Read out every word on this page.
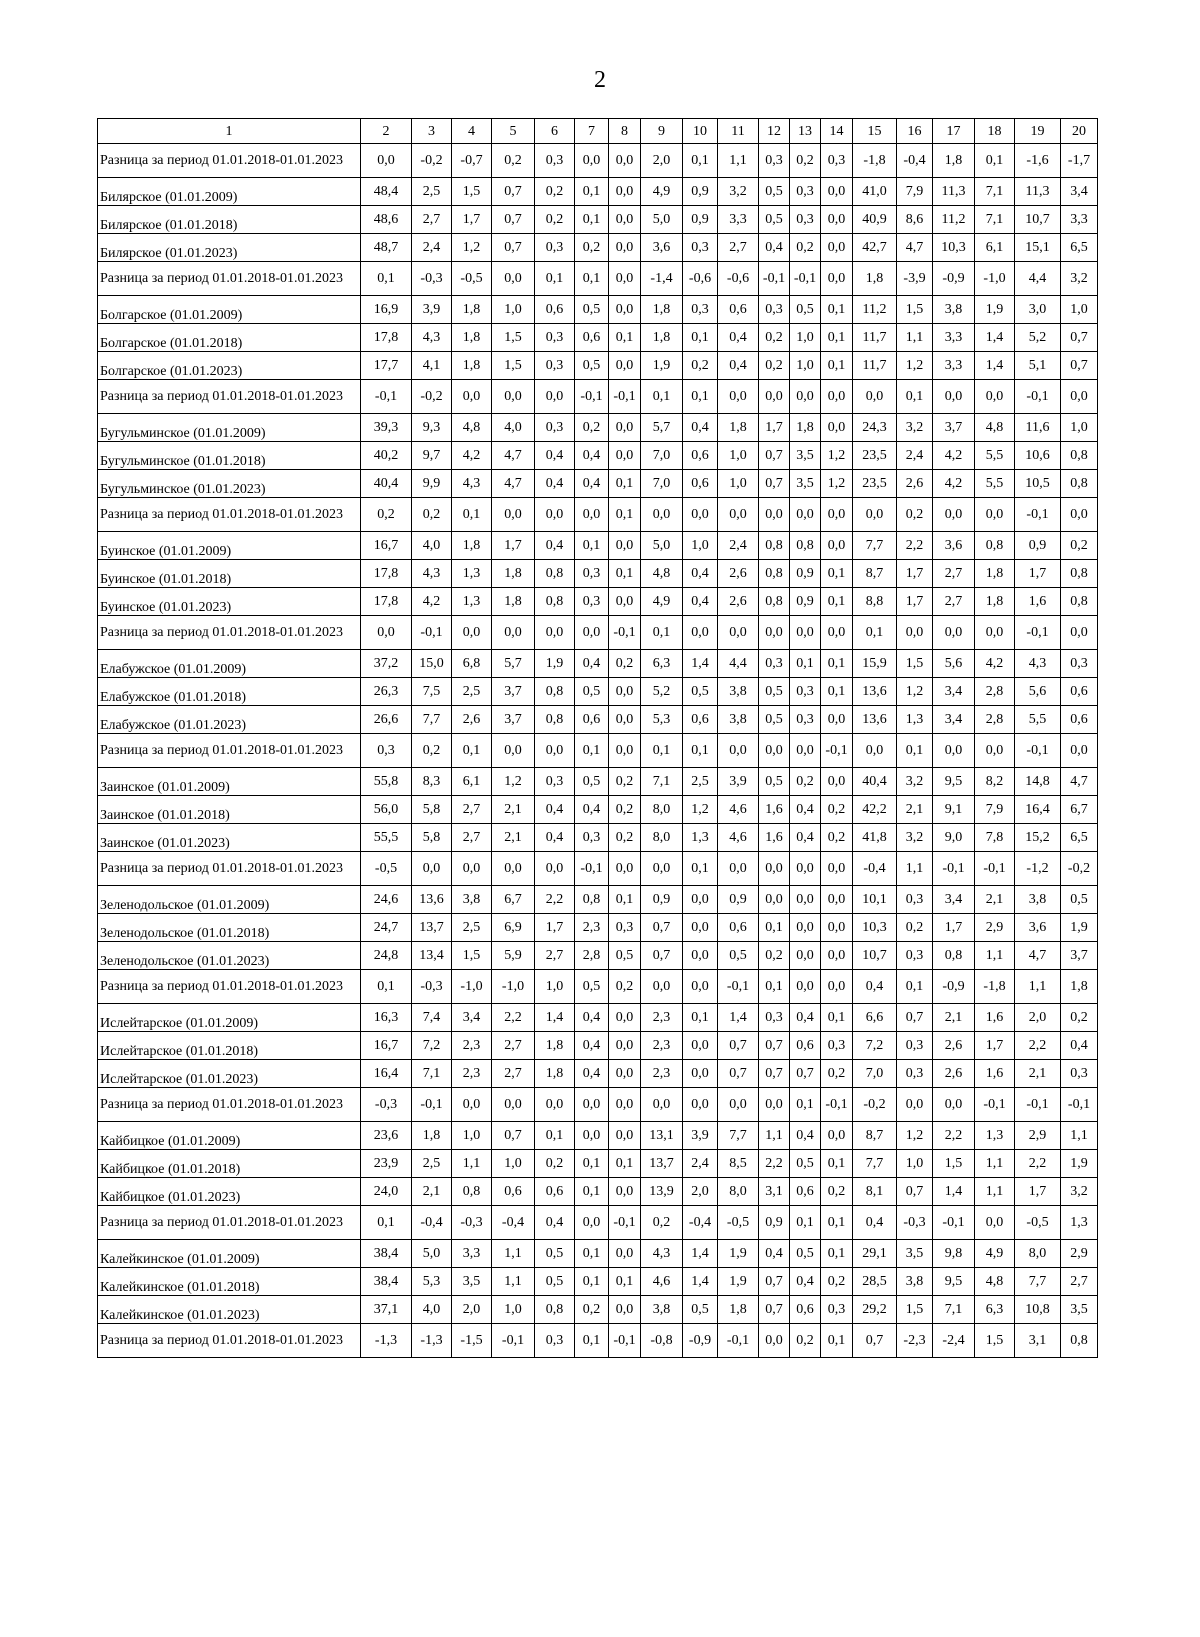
2
1	2	3	4	5	6	7	8	9	10	11	12	13	14	15	16	17	18	19	20
Разница за период 01.01.2018-01.01.2023	0,0	-0,2	-0,7	0,2	0,3	0,0	0,0	2,0	0,1	1,1	0,3	0,2	0,3	-1,8	-0,4	1,8	0,1	-1,6	-1,7
Билярское (01.01.2009)	48,4	2,5	1,5	0,7	0,2	0,1	0,0	4,9	0,9	3,2	0,5	0,3	0,0	41,0	7,9	11,3	7,1	11,3	3,4
Билярское (01.01.2018)	48,6	2,7	1,7	0,7	0,2	0,1	0,0	5,0	0,9	3,3	0,5	0,3	0,0	40,9	8,6	11,2	7,1	10,7	3,3
Билярское (01.01.2023)	48,7	2,4	1,2	0,7	0,3	0,2	0,0	3,6	0,3	2,7	0,4	0,2	0,0	42,7	4,7	10,3	6,1	15,1	6,5
Разница за период 01.01.2018-01.01.2023	0,1	-0,3	-0,5	0,0	0,1	0,1	0,0	-1,4	-0,6	-0,6	-0,1	-0,1	0,0	1,8	-3,9	-0,9	-1,0	4,4	3,2
Болгарское (01.01.2009)	16,9	3,9	1,8	1,0	0,6	0,5	0,0	1,8	0,3	0,6	0,3	0,5	0,1	11,2	1,5	3,8	1,9	3,0	1,0
Болгарское (01.01.2018)	17,8	4,3	1,8	1,5	0,3	0,6	0,1	1,8	0,1	0,4	0,2	1,0	0,1	11,7	1,1	3,3	1,4	5,2	0,7
Болгарское (01.01.2023)	17,7	4,1	1,8	1,5	0,3	0,5	0,0	1,9	0,2	0,4	0,2	1,0	0,1	11,7	1,2	3,3	1,4	5,1	0,7
Разница за период 01.01.2018-01.01.2023	-0,1	-0,2	0,0	0,0	0,0	-0,1	-0,1	0,1	0,1	0,0	0,0	0,0	0,0	0,0	0,1	0,0	0,0	-0,1	0,0
Бугульминское (01.01.2009)	39,3	9,3	4,8	4,0	0,3	0,2	0,0	5,7	0,4	1,8	1,7	1,8	0,0	24,3	3,2	3,7	4,8	11,6	1,0
Бугульминское (01.01.2018)	40,2	9,7	4,2	4,7	0,4	0,4	0,0	7,0	0,6	1,0	0,7	3,5	1,2	23,5	2,4	4,2	5,5	10,6	0,8
Бугульминское (01.01.2023)	40,4	9,9	4,3	4,7	0,4	0,4	0,1	7,0	0,6	1,0	0,7	3,5	1,2	23,5	2,6	4,2	5,5	10,5	0,8
Разница за период 01.01.2018-01.01.2023	0,2	0,2	0,1	0,0	0,0	0,0	0,1	0,0	0,0	0,0	0,0	0,0	0,0	0,0	0,2	0,0	0,0	-0,1	0,0
Буинское (01.01.2009)	16,7	4,0	1,8	1,7	0,4	0,1	0,0	5,0	1,0	2,4	0,8	0,8	0,0	7,7	2,2	3,6	0,8	0,9	0,2
Буинское (01.01.2018)	17,8	4,3	1,3	1,8	0,8	0,3	0,1	4,8	0,4	2,6	0,8	0,9	0,1	8,7	1,7	2,7	1,8	1,7	0,8
Буинское (01.01.2023)	17,8	4,2	1,3	1,8	0,8	0,3	0,0	4,9	0,4	2,6	0,8	0,9	0,1	8,8	1,7	2,7	1,8	1,6	0,8
Разница за период 01.01.2018-01.01.2023	0,0	-0,1	0,0	0,0	0,0	0,0	-0,1	0,1	0,0	0,0	0,0	0,0	0,0	0,1	0,0	0,0	0,0	-0,1	0,0
Елабужское (01.01.2009)	37,2	15,0	6,8	5,7	1,9	0,4	0,2	6,3	1,4	4,4	0,3	0,1	0,1	15,9	1,5	5,6	4,2	4,3	0,3
Елабужское (01.01.2018)	26,3	7,5	2,5	3,7	0,8	0,5	0,0	5,2	0,5	3,8	0,5	0,3	0,1	13,6	1,2	3,4	2,8	5,6	0,6
Елабужское (01.01.2023)	26,6	7,7	2,6	3,7	0,8	0,6	0,0	5,3	0,6	3,8	0,5	0,3	0,0	13,6	1,3	3,4	2,8	5,5	0,6
Разница за период 01.01.2018-01.01.2023	0,3	0,2	0,1	0,0	0,0	0,1	0,0	0,1	0,1	0,0	0,0	0,0	-0,1	0,0	0,1	0,0	0,0	-0,1	0,0
Заинское (01.01.2009)	55,8	8,3	6,1	1,2	0,3	0,5	0,2	7,1	2,5	3,9	0,5	0,2	0,0	40,4	3,2	9,5	8,2	14,8	4,7
Заинское (01.01.2018)	56,0	5,8	2,7	2,1	0,4	0,4	0,2	8,0	1,2	4,6	1,6	0,4	0,2	42,2	2,1	9,1	7,9	16,4	6,7
Заинское (01.01.2023)	55,5	5,8	2,7	2,1	0,4	0,3	0,2	8,0	1,3	4,6	1,6	0,4	0,2	41,8	3,2	9,0	7,8	15,2	6,5
Разница за период 01.01.2018-01.01.2023	-0,5	0,0	0,0	0,0	0,0	-0,1	0,0	0,0	0,1	0,0	0,0	0,0	0,0	-0,4	1,1	-0,1	-0,1	-1,2	-0,2
Зеленодольское (01.01.2009)	24,6	13,6	3,8	6,7	2,2	0,8	0,1	0,9	0,0	0,9	0,0	0,0	0,0	10,1	0,3	3,4	2,1	3,8	0,5
Зеленодольское (01.01.2018)	24,7	13,7	2,5	6,9	1,7	2,3	0,3	0,7	0,0	0,6	0,1	0,0	0,0	10,3	0,2	1,7	2,9	3,6	1,9
Зеленодольское (01.01.2023)	24,8	13,4	1,5	5,9	2,7	2,8	0,5	0,7	0,0	0,5	0,2	0,0	0,0	10,7	0,3	0,8	1,1	4,7	3,7
Разница за период 01.01.2018-01.01.2023	0,1	-0,3	-1,0	-1,0	1,0	0,5	0,2	0,0	0,0	-0,1	0,1	0,0	0,0	0,4	0,1	-0,9	-1,8	1,1	1,8
Ислейтарское (01.01.2009)	16,3	7,4	3,4	2,2	1,4	0,4	0,0	2,3	0,1	1,4	0,3	0,4	0,1	6,6	0,7	2,1	1,6	2,0	0,2
Ислейтарское (01.01.2018)	16,7	7,2	2,3	2,7	1,8	0,4	0,0	2,3	0,0	0,7	0,7	0,6	0,3	7,2	0,3	2,6	1,7	2,2	0,4
Ислейтарское (01.01.2023)	16,4	7,1	2,3	2,7	1,8	0,4	0,0	2,3	0,0	0,7	0,7	0,7	0,2	7,0	0,3	2,6	1,6	2,1	0,3
Разница за период 01.01.2018-01.01.2023	-0,3	-0,1	0,0	0,0	0,0	0,0	0,0	0,0	0,0	0,0	0,0	0,1	-0,1	-0,2	0,0	0,0	-0,1	-0,1	-0,1
Кайбицкое (01.01.2009)	23,6	1,8	1,0	0,7	0,1	0,0	0,0	13,1	3,9	7,7	1,1	0,4	0,0	8,7	1,2	2,2	1,3	2,9	1,1
Кайбицкое (01.01.2018)	23,9	2,5	1,1	1,0	0,2	0,1	0,1	13,7	2,4	8,5	2,2	0,5	0,1	7,7	1,0	1,5	1,1	2,2	1,9
Кайбицкое (01.01.2023)	24,0	2,1	0,8	0,6	0,6	0,1	0,0	13,9	2,0	8,0	3,1	0,6	0,2	8,1	0,7	1,4	1,1	1,7	3,2
Разница за период 01.01.2018-01.01.2023	0,1	-0,4	-0,3	-0,4	0,4	0,0	-0,1	0,2	-0,4	-0,5	0,9	0,1	0,1	0,4	-0,3	-0,1	0,0	-0,5	1,3
Калейкинское (01.01.2009)	38,4	5,0	3,3	1,1	0,5	0,1	0,0	4,3	1,4	1,9	0,4	0,5	0,1	29,1	3,5	9,8	4,9	8,0	2,9
Калейкинское (01.01.2018)	38,4	5,3	3,5	1,1	0,5	0,1	0,1	4,6	1,4	1,9	0,7	0,4	0,2	28,5	3,8	9,5	4,8	7,7	2,7
Калейкинское (01.01.2023)	37,1	4,0	2,0	1,0	0,8	0,2	0,0	3,8	0,5	1,8	0,7	0,6	0,3	29,2	1,5	7,1	6,3	10,8	3,5
Разница за период 01.01.2018-01.01.2023	-1,3	-1,3	-1,5	-0,1	0,3	0,1	-0,1	-0,8	-0,9	-0,1	0,0	0,2	0,1	0,7	-2,3	-2,4	1,5	3,1	0,8
